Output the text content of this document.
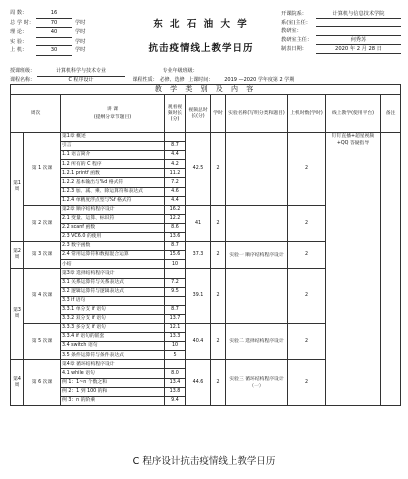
周 数：	16
总 学 时：	70	学时
理 论：	40	学时
实 验：	学时
上 机：	30	学时
东 北 石 油 大 学
抗击疫情线上教学日历
开课院系：	计算机与信息技术学院
系(室)主任：
教研室：
教研室主任：	何秀苏
制表日期：	2020 年 2 月 28 日
授课班级：	计算机科学与技术专业	专业年级班级：
课程名称：	C 程序设计	课程性质： 必修、选修 上课时间： 2019 —2020 学年度第 2 学期
教 学 类 别 及 内 容									
周次		讲 课
(提纲分章节题目)	观看视频时长(分)	视频总时长(分)	学时	实验名称(写明分类和题目)	上机时数(学时)	线上教学(使用平台)	备注
第1周	第 1 次课	第1章 概述		42.5	2		2	钉钉直播+超星视频+QQ 答疑指导	
		引言	8.7						
		1.1 语言简介	4.4						
		1.2 所有的 C 程序	4.2						
		1.2.1 printf 函数	11.2						
		1.2.2 基本输出与%d 格式符	7.2						
		1.2.3 加、减、乘、除运算符和表达式	4.6						
		1.2.4 单精度浮点型与%f 格式符	4.4						
	第 2 次课	第2章 顺序结构程序设计	16.2	41	2		2		
		2.1 变量、运算、标识符	12.2						
		2.2 scanf 函数	8.6						
		2.3 VC6.0 的使用	13.6						
第2周	第 3 次课	2.3 数字函数	8.7	37.3	2	实验一 顺序结构程序设计	2		
		2.4 常用运算符和数据混合运算	15.6						
		小结	10						
第3周	第 4 次课	第3章 选择结构程序设计		39.1	2		2		
		3.1 关系运算符与关系表达式	7.2						
		3.2 逻辑运算符与逻辑表达式	9.5						
		3.3 if 语句							
		3.3.1 单分支 if 语句	8.7						
		3.3.2 双分支 if 语句	13.7						
	第 5 次课	3.3.3 多分支 if 语句	12.1	40.4	2	实验二 选择结构程序设计	2		
		3.3.4 if 语句的嵌套	13.3						
		3.4 switch 语句	10						
		3.5 条件运算符与条件表达式	5						
第4周	第 6 次课	第4章 循环结构程序设计		44.6	2	实验三 循环结构程序设计（一）	2		
		4.1 while 语句	8.0						
		例 1：1~n 个数之和	13.4						
		例 2：1 到 100 的和	13.8						
		例 3：n 的阶乘	9.4						
C 程序设计抗击疫情线上教学日历
